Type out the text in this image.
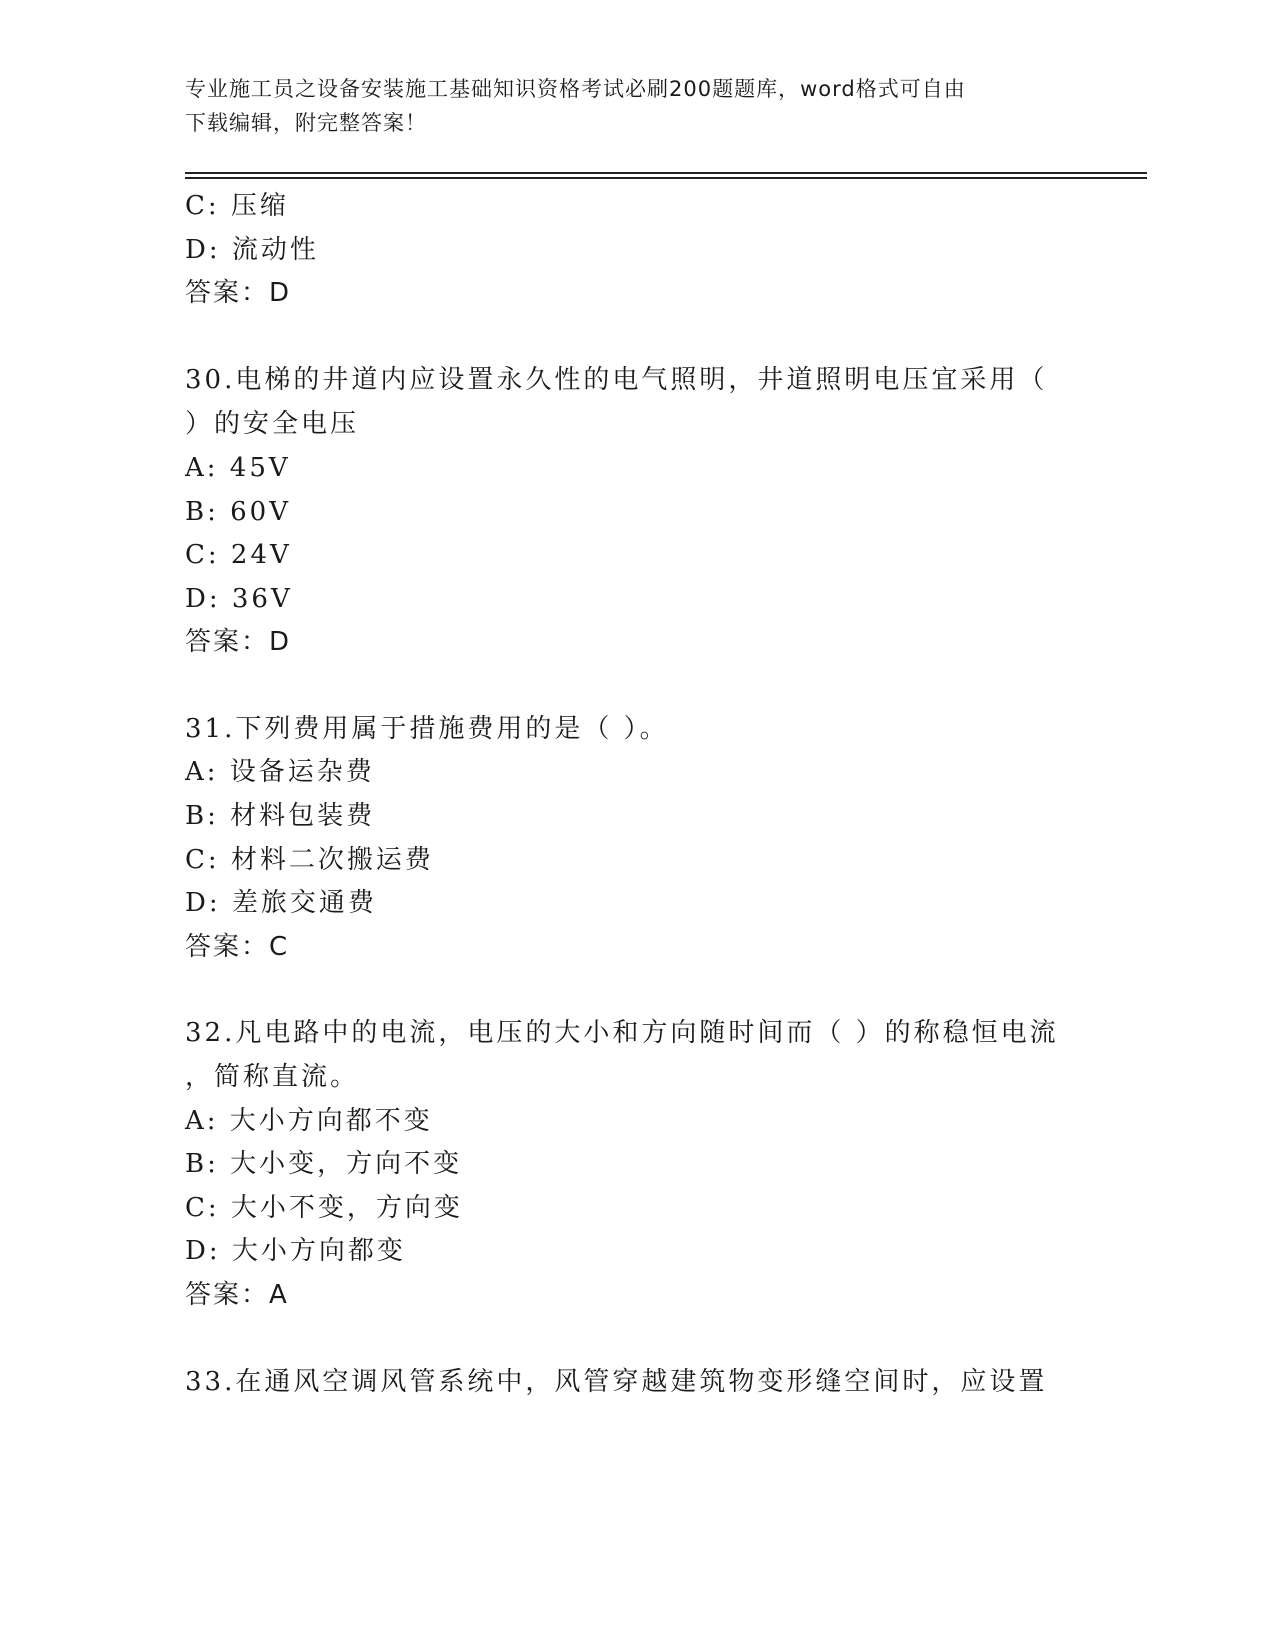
专业施工员之设备安装施工基础知识资格考试必刷200题题库，word格式可自由
下载编辑，附完整答案！
C: 压缩
D: 流动性
答案：D
30.电梯的井道内应设置永久性的电气照明，井道照明电压宜采用（
）的安全电压
A: 45V
B: 60V
C: 24V
D: 36V
答案：D
31.下列费用属于措施费用的是（ ）。
A: 设备运杂费
B: 材料包装费
C: 材料二次搬运费
D: 差旅交通费
答案：C
32.凡电路中的电流，电压的大小和方向随时间而（ ）的称稳恒电流
，简称直流。
A: 大小方向都不变
B: 大小变，方向不变
C: 大小不变，方向变
D: 大小方向都变
答案：A
33.在通风空调风管系统中，风管穿越建筑物变形缝空间时，应设置
